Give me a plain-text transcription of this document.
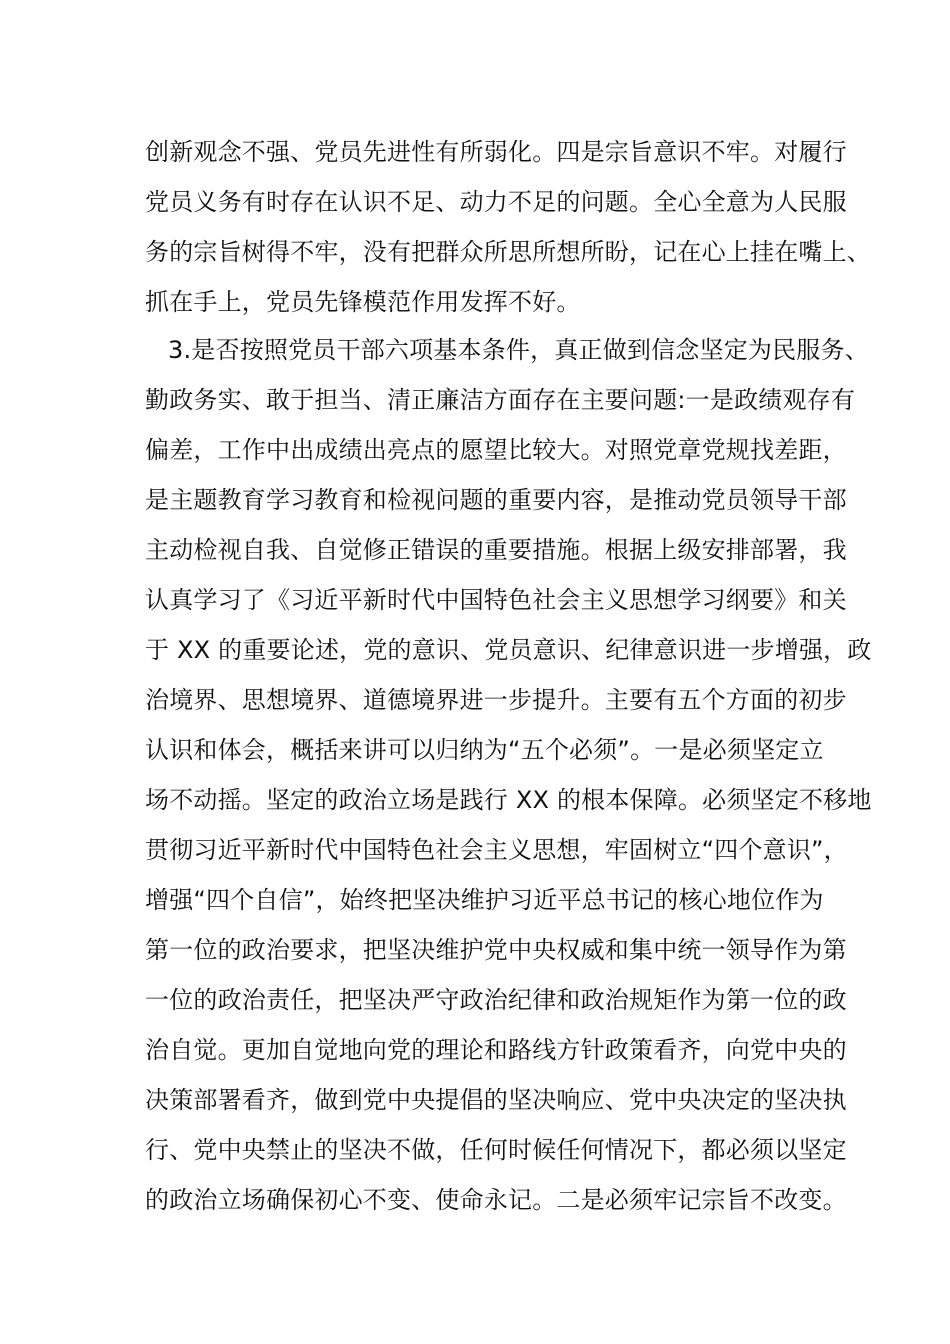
创新观念不强、党员先进性有所弱化。四是宗旨意识不牢。对履行
党员义务有时存在认识不足、动力不足的问题。全心全意为人民服
务的宗旨树得不牢，没有把群众所思所想所盼，记在心上挂在嘴上、
抓在手上，党员先锋模范作用发挥不好。
3.是否按照党员干部六项基本条件，真正做到信念坚定为民服务、
勤政务实、敢于担当、清正廉洁方面存在主要问题:一是政绩观存有
偏差，工作中出成绩出亮点的愿望比较大。对照党章党规找差距，
是主题教育学习教育和检视问题的重要内容，是推动党员领导干部
主动检视自我、自觉修正错误的重要措施。根据上级安排部署，我
认真学习了《习近平新时代中国特色社会主义思想学习纲要》和关
于 XX 的重要论述，党的意识、党员意识、纪律意识进一步增强，政
治境界、思想境界、道德境界进一步提升。主要有五个方面的初步
认识和体会，概括来讲可以归纳为“五个必须”。一是必须坚定立
场不动摇。坚定的政治立场是践行 XX 的根本保障。必须坚定不移地
贯彻习近平新时代中国特色社会主义思想，牢固树立“四个意识”，
增强“四个自信”，始终把坚决维护习近平总书记的核心地位作为
第一位的政治要求，把坚决维护党中央权威和集中统一领导作为第
一位的政治责任，把坚决严守政治纪律和政治规矩作为第一位的政
治自觉。更加自觉地向党的理论和路线方针政策看齐，向党中央的
决策部署看齐，做到党中央提倡的坚决响应、党中央决定的坚决执
行、党中央禁止的坚决不做，任何时候任何情况下，都必须以坚定
的政治立场确保初心不变、使命永记。二是必须牢记宗旨不改变。
